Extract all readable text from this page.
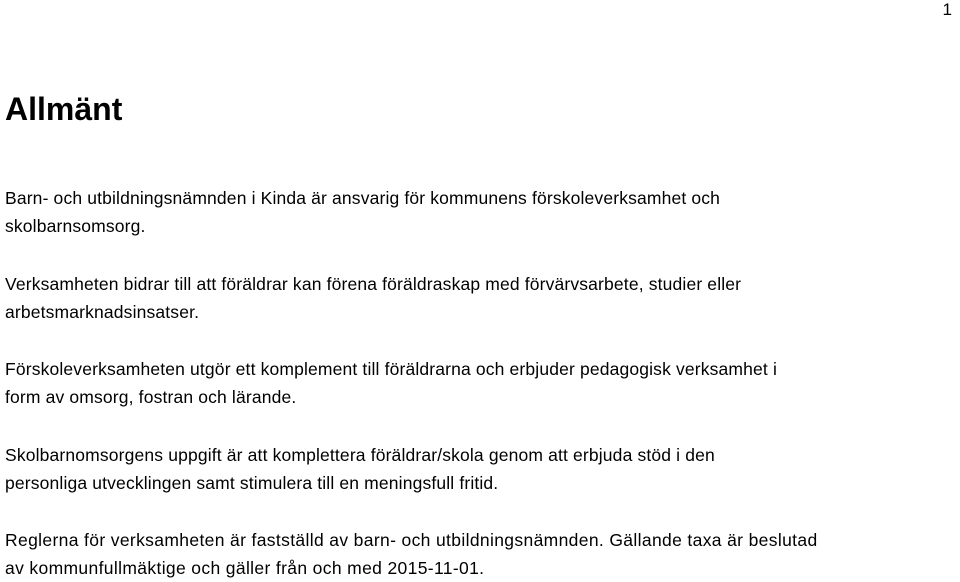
1
Allmänt

Barn- och utbildningsnämnden i Kinda är ansvarig för kommunens förskoleverksamhet och
skolbarnsomsorg.

Verksamheten bidrar till att föräldrar kan förena föräldraskap med förvärvsarbete, studier eller
arbetsmarknadsinsatser.

Förskoleverksamheten utgör ett komplement till föräldrarna och erbjuder pedagogisk verksamhet i
form av omsorg, fostran och lärande.

Skolbarnomsorgens uppgift är att komplettera föräldrar/skola genom att erbjuda stöd i den
personliga utvecklingen samt stimulera till en meningsfull fritid.

Reglerna för verksamheten är fastställd av barn- och utbildningsnämnden. Gällande taxa är beslutad
av kommunfullmäktige och gäller från och med 2015-11-01.
